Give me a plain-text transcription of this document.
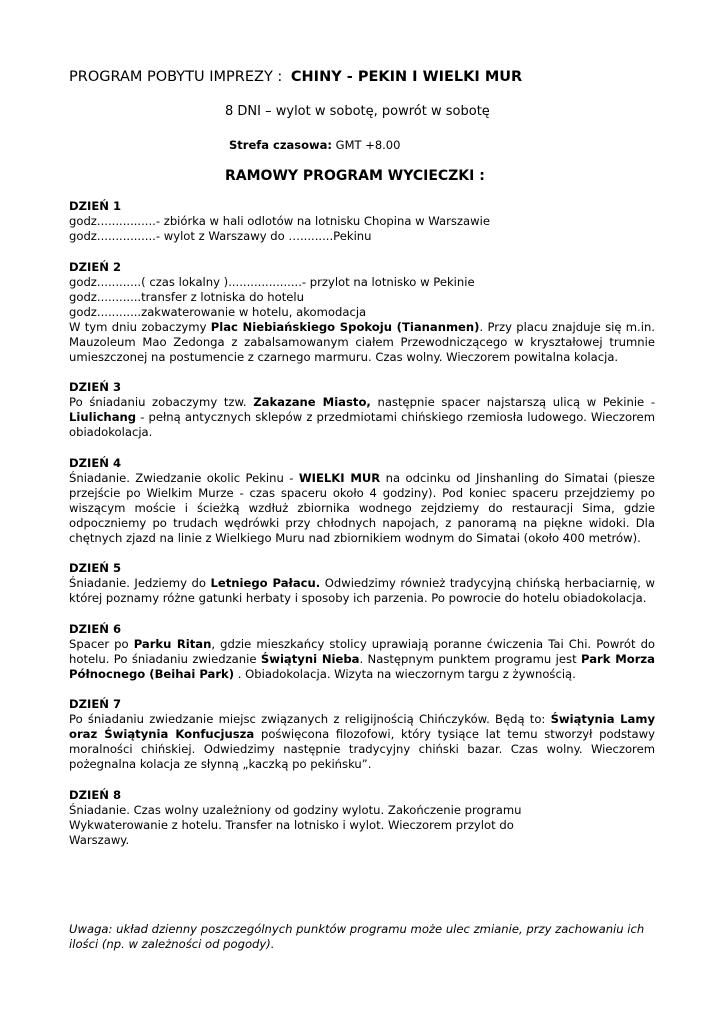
PROGRAM POBYTU IMPREZY : CHINY - PEKIN I WIELKI MUR
8 DNI – wylot w sobotę, powrót w sobotę
Strefa czasowa: GMT +8.00
RAMOWY PROGRAM WYCIECZKI :
DZIEŃ 1
godz................- zbiórka w hali odlotów na lotnisku Chopina w Warszawie
godz................- wylot z Warszawy do ….........Pekinu
DZIEŃ 2
godz............( czas lokalny )....................- przylot na lotnisko w Pekinie
godz............transfer z lotniska do hotelu
godz............zakwaterowanie w hotelu, akomodacja
W tym dniu zobaczymy Plac Niebiańskiego Spokoju (Tiananmen). Przy placu znajduje się m.in. Mauzoleum Mao Zedonga z zabalsamowanym ciałem Przewodniczącego w kryształowej trumnie umieszczonej na postumencie z czarnego marmuru. Czas wolny. Wieczorem powitalna kolacja.
DZIEŃ 3
Po śniadaniu zobaczymy tzw. Zakazane Miasto, następnie spacer najstarszą ulicą w Pekinie - Liulichang - pełną antycznych sklepów z przedmiotami chińskiego rzemiosła ludowego. Wieczorem obiadokolacja.
DZIEŃ 4
Śniadanie. Zwiedzanie okolic Pekinu - WIELKI MUR na odcinku od Jinshanling do Simatai (piesze przejście po Wielkim Murze - czas spaceru około 4 godziny). Pod koniec spaceru przejdziemy po wiszącym moście i ścieżką wzdłuż zbiornika wodnego zejdziemy do restauracji Sima, gdzie odpoczniemy po trudach wędrówki przy chłodnych napojach, z panoramą na piękne widoki. Dla chętnych zjazd na linie z Wielkiego Muru nad zbiornikiem wodnym do Simatai (około 400 metrów).
DZIEŃ 5
Śniadanie. Jedziemy do Letniego Pałacu. Odwiedzimy również tradycyjną chińską herbaciarnię, w której poznamy różne gatunki herbaty i sposoby ich parzenia. Po powrocie do hotelu obiadokolacja.
DZIEŃ 6
Spacer po Parku Ritan, gdzie mieszkańcy stolicy uprawiają poranne ćwiczenia Tai Chi. Powrót do hotelu. Po śniadaniu zwiedzanie Świątyni Nieba. Następnym punktem programu jest Park Morza Północnego (Beihai Park) . Obiadokolacja. Wizyta na wieczornym targu z żywnością.
DZIEŃ 7
Po śniadaniu zwiedzanie miejsc związanych z religijnością Chińczyków. Będą to: Świątynia Lamy oraz Świątynia Konfucjusza poświęcona filozofowi, który tysiące lat temu stworzył podstawy moralności chińskiej. Odwiedzimy następnie tradycyjny chiński bazar. Czas wolny. Wieczorem pożegnalna kolacja ze słynną „kaczką po pekińsku”.
DZIEŃ 8
Śniadanie. Czas wolny uzależniony od godziny wylotu. Zakończenie programu
Wykwaterowanie z hotelu. Transfer na lotnisko i wylot. Wieczorem przylot do
Warszawy.
Uwaga: układ dzienny poszczególnych punktów programu może ulec zmianie, przy zachowaniu ich ilości (np. w zależności od pogody).
